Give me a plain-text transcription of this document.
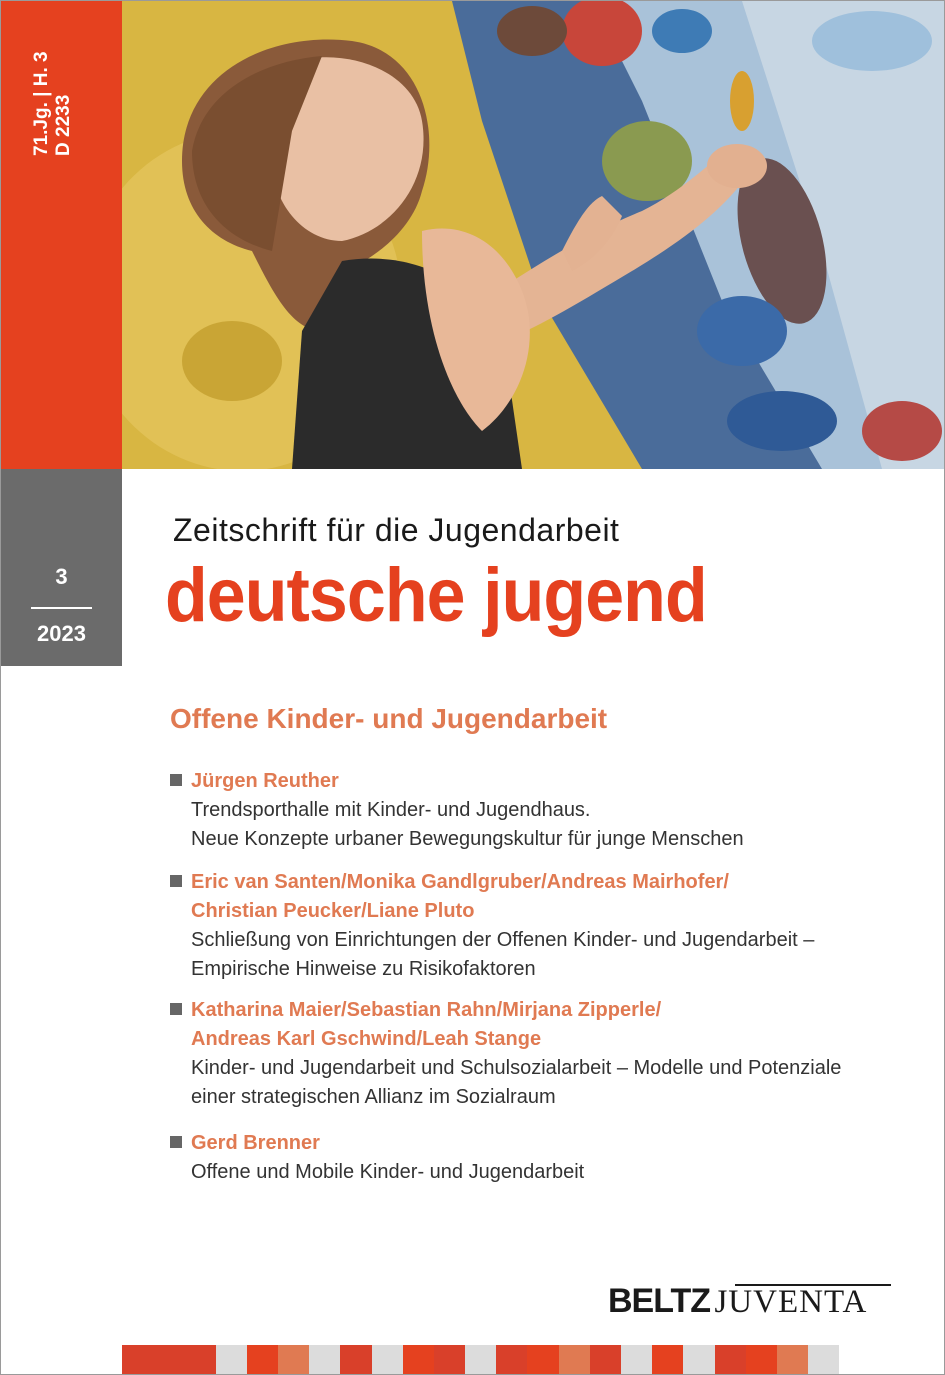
71.Jg. | H. 3 D 2233
3
2023
Zeitschrift für die Jugendarbeit
deutsche jugend
Offene Kinder- und Jugendarbeit
Jürgen Reuther
Trendsporthalle mit Kinder- und Jugendhaus.
Neue Konzepte urbaner Bewegungskultur für junge Menschen
Eric van Santen/Monika Gandlgruber/Andreas Mairhofer/
Christian Peucker/Liane Pluto
Schließung von Einrichtungen der Offenen Kinder- und Jugendarbeit –
Empirische Hinweise zu Risikofaktoren
Katharina Maier/Sebastian Rahn/Mirjana Zipperle/
Andreas Karl Gschwind/Leah Stange
Kinder- und Jugendarbeit und Schulsozialarbeit – Modelle und Potenziale
einer strategischen Allianz im Sozialraum
Gerd Brenner
Offene und Mobile Kinder- und Jugendarbeit
BELTZ JUVENTA
